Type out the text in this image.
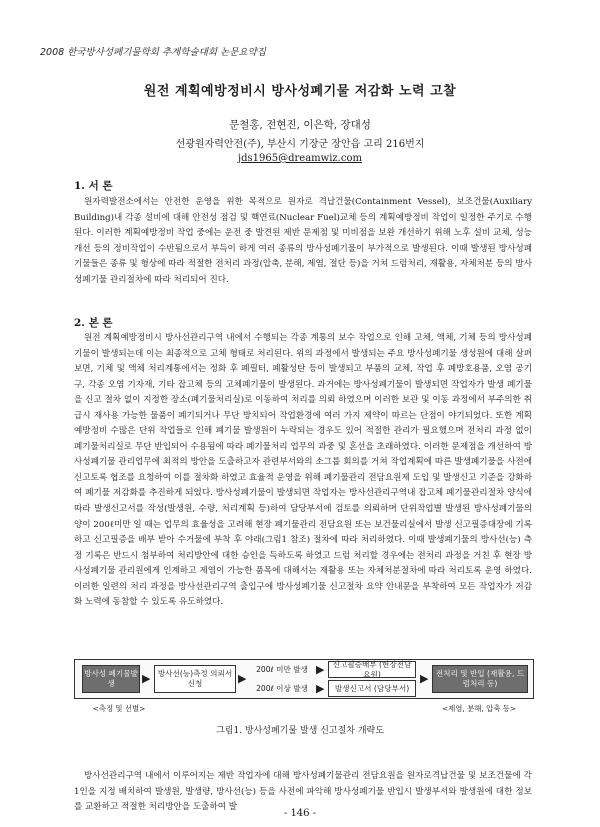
2008 한국방사성폐기물학회 추계학술대회 논문요약집
원전 계획예방정비시 방사성폐기물 저감화 노력 고찰
문철홍, 전현진, 이은학, 장대성
선광원자력안전(주), 부산시 기장군 장안읍 고리 216번지
jds1965@dreamwiz.com
1. 서 론

원자력발전소에서는 안전한 운영을 위한 목적으로 원자로 격납건물(Containment Vessel), 보조건물(Auxiliary Building)내 각종 설비에 대해 안전성 점검 및 핵연료(Nuclear Fuel)교체 등의 계획예방정비 작업이 일정한 주기로 수행된다. 이러한 계획예방정비 작업 중에는 운전 중 발견된 제반 문제점 및 미비점을 보완 개선하기 위해 노후 설비 교체, 성능개선 등의 정비작업이 수반됨으로서 부득이 하게 여러 종류의 방사성폐기물이 부가적으로 발생된다. 이때 발생된 방사성폐기물들은 종류 및 형상에 따라 적절한 전처리 과정(압축, 분해, 제염, 절단 등)을 거쳐 드럼처리, 재활용, 자체처분 등의 방사성폐기물 관리절차에 따라 처리되어 진다.

2. 본 론

원전 계획예방정비시 방사선관리구역 내에서 수행되는 각종 계통의 보수 작업으로 인해 고체, 액체, 기체 등의 방사성폐기물이 발생되는데 이는 최종적으로 고체 형태로 처리된다. 위의 과정에서 발생되는 주요 방사성폐기물 생성원에 대해 살펴보면, 기체 및 액체 처리계통에서는 정화 후 폐필터, 폐활성탄 등이 발생되고 부품의 교체, 작업 후 폐방호용품, 오염 공기구, 각종 오염 기자재, 기타 잡고체 등의 고체폐기물이 발생된다. 과거에는 방사성폐기물이 발생되면 작업자가 발생 폐기물을 신고 절차 없이 지정한 장소(폐기물처리실)로 이동하여 처리를 의뢰 하였으며 이러한 보관 및 이동 과정에서 부주의한 취급시 재사용 가능한 물품이 폐기되거나 무단 방치되어 작업환경에 여러 가지 제약이 따르는 단점이 야기되었다. 또한 계획예방정비 수많은 단위 작업들로 인해 폐기물 발생원이 누락되는 경우도 있어 적절한 관리가 필요했으며 전처리 과정 없이 폐기물처리실로 무단 반입되어 수용됨에 따라 폐기물처리 업무의 과중 및 혼선을 초래하였다. 이러한 문제점을 개선하여 방사성폐기물 관리업무에 최적의 방안을 도출하고자 관련부서와의 소그룹 회의를 거쳐 작업계획에 따른 발생폐기물을 사전에 신고토록 협조를 요청하여 이를 절차화 하였고 효율적 운영을 위해 폐기물관리 전담요원제 도입 및 발생신고 기준을 강화하여 폐기물 저감화를 추진하게 되었다. 방사성폐기물이 발생되면 작업자는 방사선관리구역내 잡고체 폐기물관리절차 양식에 따라 발생신고서를 작성(발생원, 수량, 처리계획 등)하여 담당부서에 검토를 의뢰하며 단위작업별 발생된 방사성폐기물의 양이 200ℓ미만 일 때는 업무의 효율성을 고려해 현장 폐기물관리 전담요원 또는 보건물리실에서 발생 신고필증대장에 기록하고 신고필증을 배부 받아 수거물에 부착 후 야래(그림1 참조) 절차에 따라 처리하였다. 이때 발생폐기물의 방사선(능) 측정 기록은 반드시 첨부하여 처리방안에 대한 승인을 득하도록 하였고 드럼 처리할 경우에는 전처리 과정을 거친 후 현장 방사성폐기물 관리원에게 인계하고 제염이 가능한 품목에 대해서는 재활용 또는 자체처분절차에 따라 처리토록 운영 하였다. 이러한 일련의 처리 과정을 방사선관리구역 출입구에 방사성폐기물 신고절차 요약 안내문을 부착하여 모든 작업자가 저감화 노력에 동참할 수 있도록 유도하였다.

방사성 폐기물발생	▶ 방사선(능)측정 의뢰서 신청	▶
200ℓ 미만 발생
200ℓ 이상 발생
▶
▶
신고필증배부 (현장전담요원)
발생신고서 (담당부서)
▶ 전처리 및 반입 (재활용, 드럼처리 등)
<측정 및 선별>	<제염, 분해, 압축 등>
그림1. 방사성폐기물 발생 신고절차 개략도

방사선관리구역 내에서 이루어지는 제반 작업자에 대해 방사성폐기물관리 전담요원을 원자로격납건물 및 보조건물에 각 1인을 지정 배치하여 발생원, 발생량, 방사선(능) 등을 사전에 파악해 방사성폐기물 반입시 발생부서와 발생원에 대한 정보를 교환하고 적절한 처리방안을 도출하여 발

- 146 -
